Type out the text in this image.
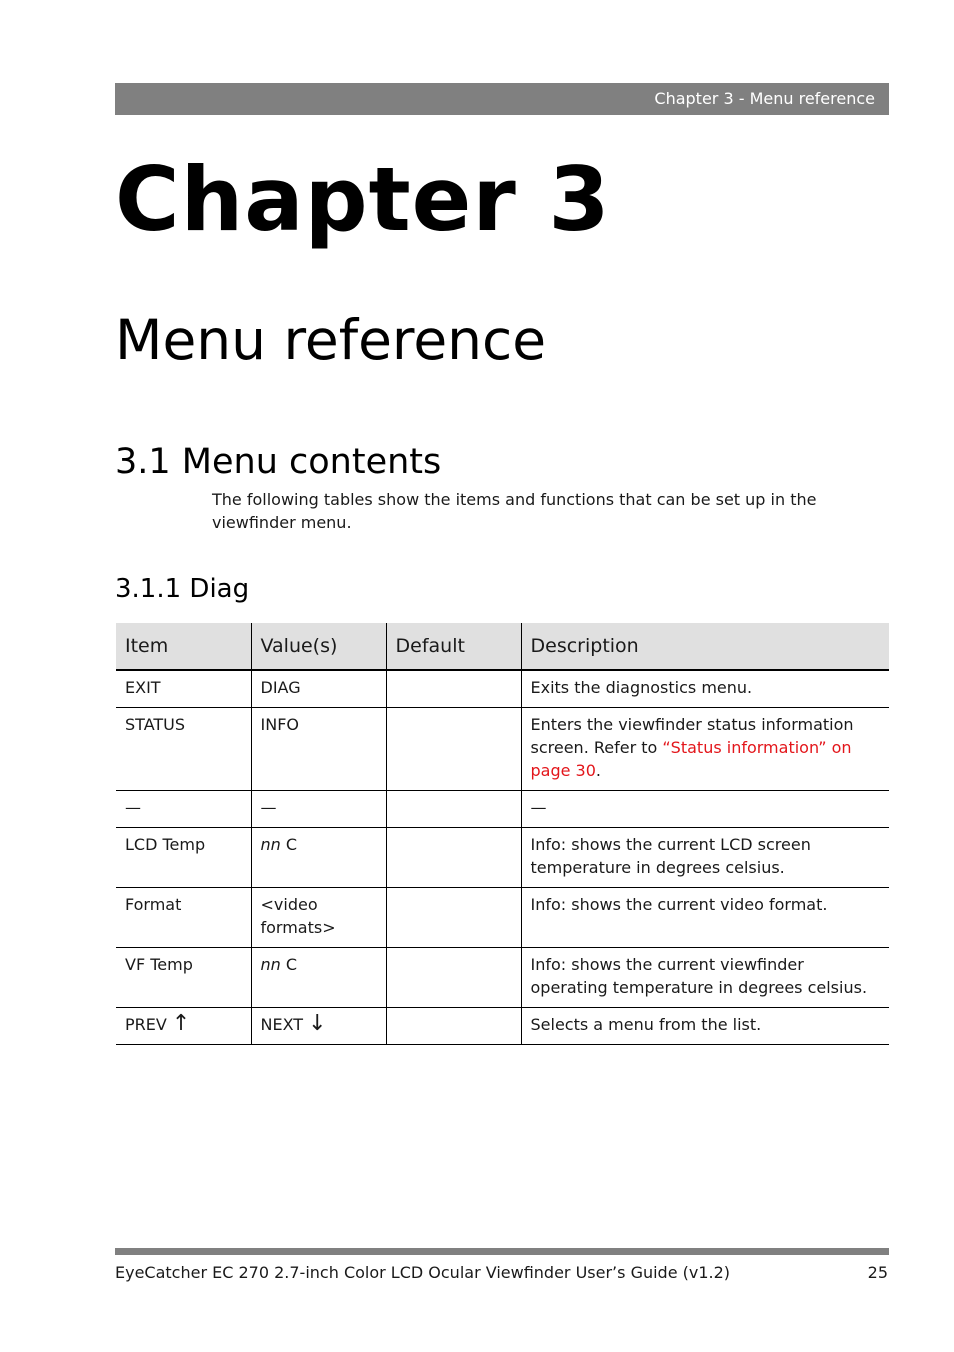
Chapter 3 - Menu reference
Chapter 3
Menu reference
3.1 Menu contents
The following tables show the items and functions that can be set up in the viewfinder menu.
3.1.1 Diag
Item	Value(s)	Default	Description
EXIT	DIAG		Exits the diagnostics menu.
STATUS	INFO		Enters the viewfinder status information screen. Refer to “Status information” on page 30.
—	—		—
LCD Temp	nn C		Info: shows the current LCD screen temperature in degrees celsius.
Format	<video formats>		Info: shows the current video format.
VF Temp	nn C		Info: shows the current viewfinder operating temperature in degrees celsius.
PREV ↑	NEXT ↓		Selects a menu from the list.
EyeCatcher EC 270 2.7-inch Color LCD Ocular Viewfinder User’s Guide (v1.2)	25
